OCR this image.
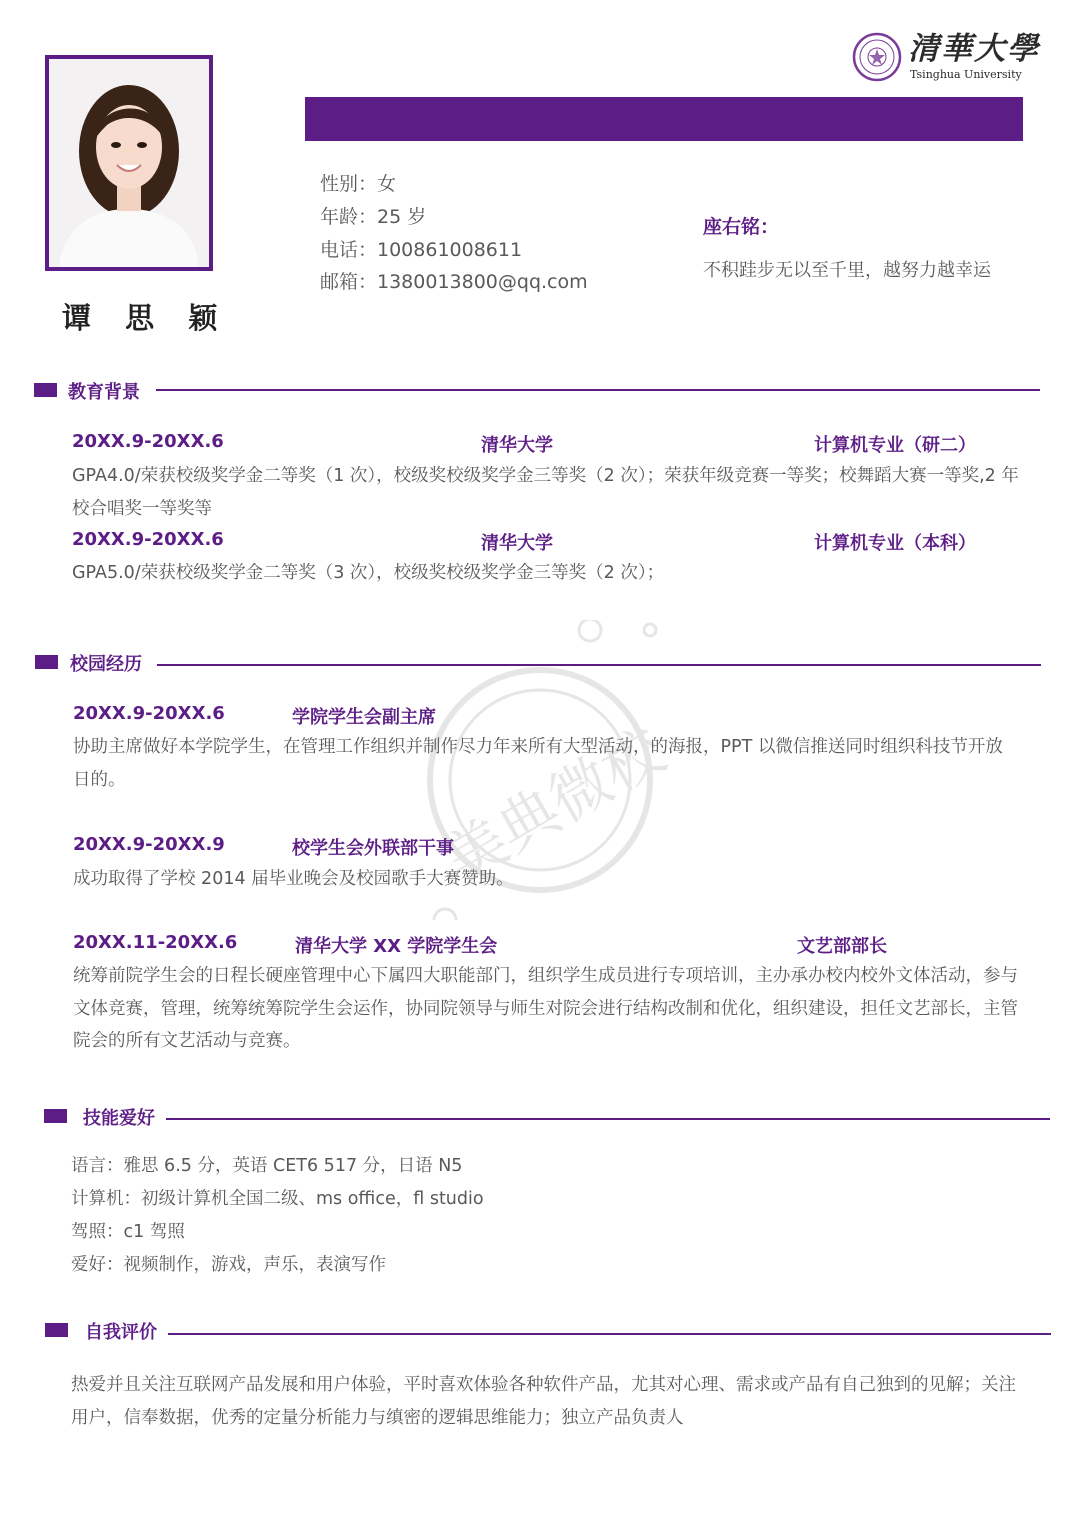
清華大學
Tsinghua University
谭 思 颖
性别：女
年龄：25 岁
电话：100861008611
邮箱：1380013800@qq.com
座右铭：
不积跬步无以至千里，越努力越幸运
美典微校
教育背景
20XX.9-20XX.6	清华大学	计算机专业（研二）
GPA4.0/荣获校级奖学金二等奖（1 次），校级奖校级奖学金三等奖（2 次）；荣获年级竞赛一等奖；校舞蹈大赛一等奖,2 年校合唱奖一等奖等
20XX.9-20XX.6	清华大学	计算机专业（本科）
GPA5.0/荣获校级奖学金二等奖（3 次），校级奖校级奖学金三等奖（2 次）；
校园经历
20XX.9-20XX.6	学院学生会副主席
协助主席做好本学院学生，在管理工作组织并制作尽力年来所有大型活动，的海报，PPT 以微信推送同时组织科技节开放日的。
20XX.9-20XX.9	校学生会外联部干事
成功取得了学校 2014 届毕业晚会及校园歌手大赛赞助。
20XX.11-20XX.6	清华大学 XX 学院学生会	文艺部部长
统筹前院学生会的日程长硬座管理中心下属四大职能部门，组织学生成员进行专项培训，主办承办校内校外文体活动，参与文体竞赛，管理，统筹统筹院学生会运作，协同院领导与师生对院会进行结构改制和优化，组织建设，担任文艺部长，主管院会的所有文艺活动与竞赛。
技能爱好
语言：雅思 6.5 分，英语 CET6 517 分，日语 N5
计算机：初级计算机全国二级、ms office，fl studio
驾照：c1 驾照
爱好：视频制作，游戏，声乐，表演写作
自我评价
热爱并且关注互联网产品发展和用户体验，平时喜欢体验各种软件产品，尤其对心理、需求或产品有自己独到的见解；关注用户，信奉数据，优秀的定量分析能力与缜密的逻辑思维能力；独立产品负责人
